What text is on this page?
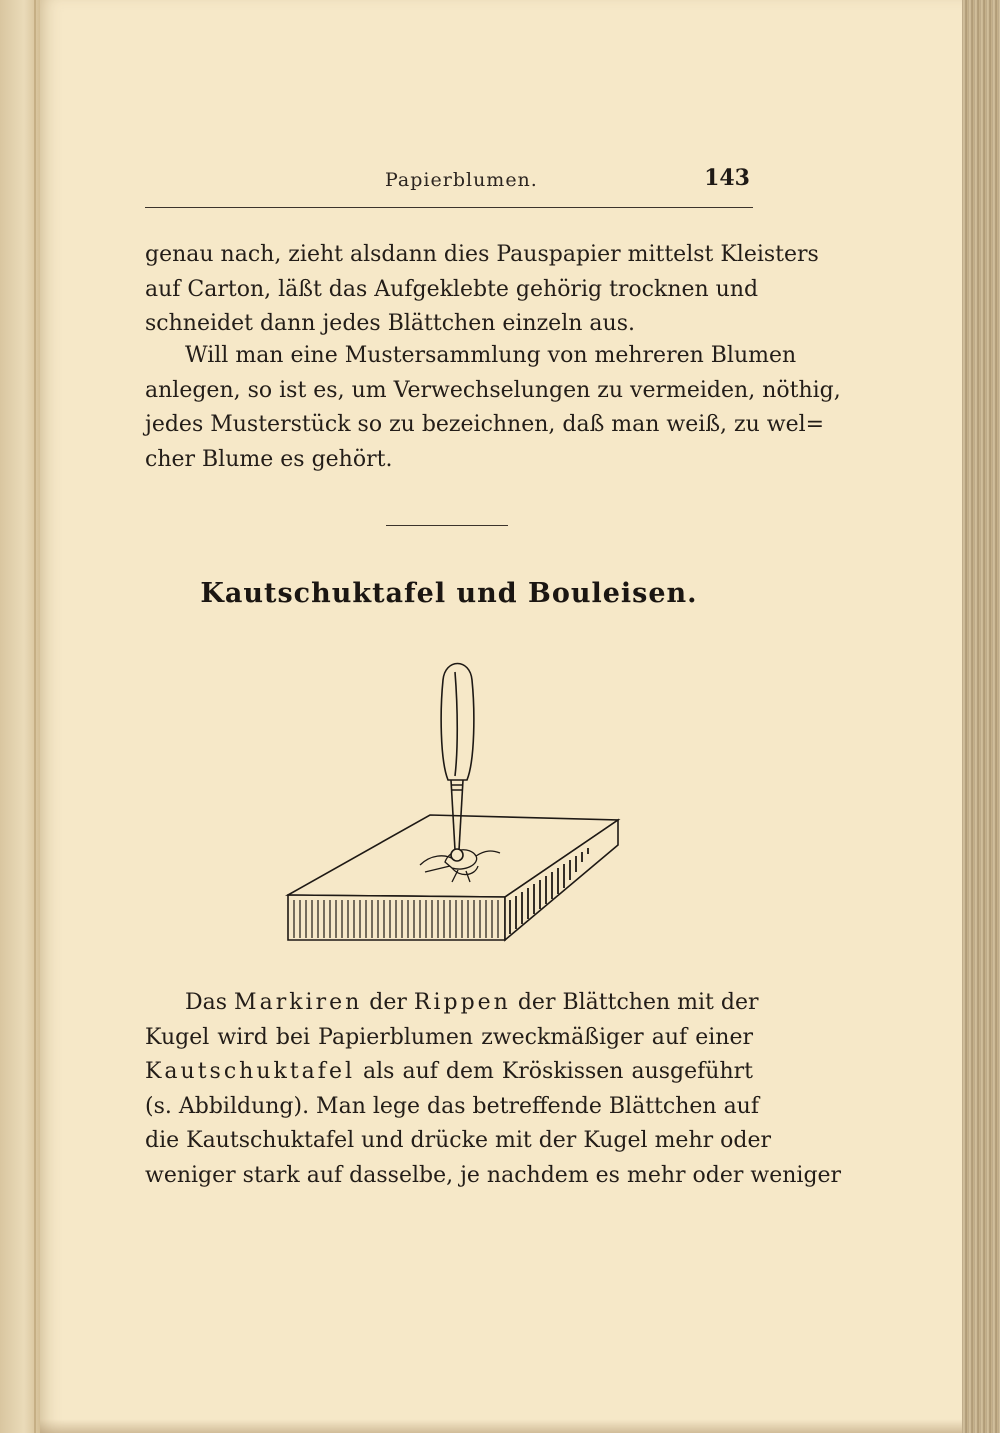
Papierblumen.	143
genau nach, zieht alsdann dies Pauspapier mittelst Kleisters
auf Carton, läßt das Aufgeklebte gehörig trocknen und
schneidet dann jedes Blättchen einzeln aus.
Will man eine Mustersammlung von mehreren Blumen
anlegen, so ist es, um Verwechselungen zu vermeiden, nöthig,
jedes Musterstück so zu bezeichnen, daß man weiß, zu wel=
cher Blume es gehört.
Kautschuktafel und Bouleisen.
Das Markiren der Rippen der Blättchen mit der
Kugel wird bei Papierblumen zweckmäßiger auf einer
Kautschuktafel als auf dem Kröskissen ausgeführt
(s. Abbildung). Man lege das betreffende Blättchen auf
die Kautschuktafel und drücke mit der Kugel mehr oder
weniger stark auf dasselbe, je nachdem es mehr oder weniger
